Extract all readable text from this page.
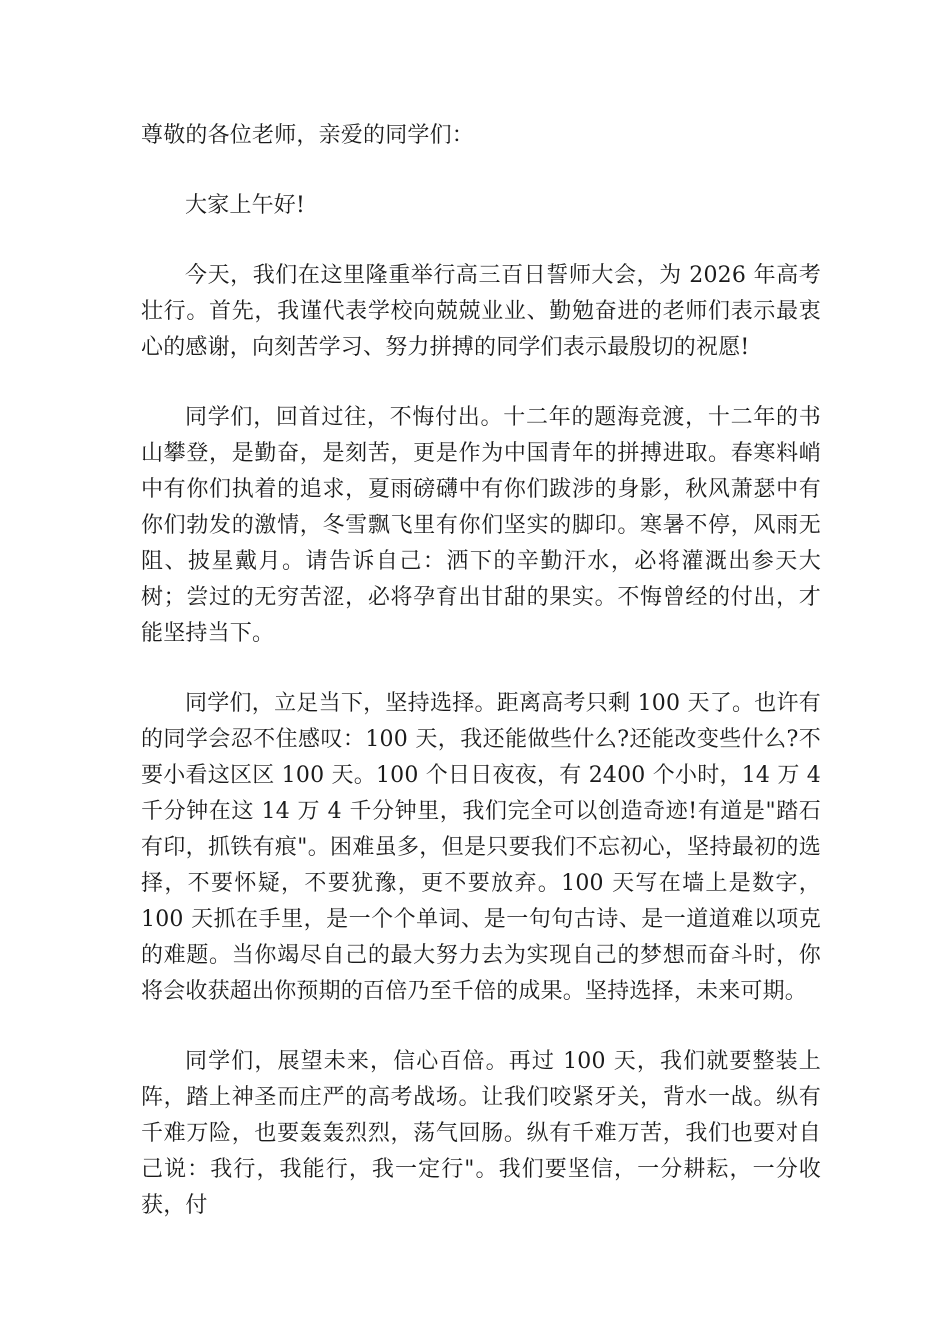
尊敬的各位老师，亲爱的同学们：

大家上午好!

今天，我们在这里隆重举行高三百日誓师大会，为 2026 年高考壮行。首先，我谨代表学校向兢兢业业、勤勉奋进的老师们表示最衷心的感谢，向刻苦学习、努力拼搏的同学们表示最殷切的祝愿!

同学们，回首过往，不悔付出。十二年的题海竞渡，十二年的书山攀登，是勤奋，是刻苦，更是作为中国青年的拼搏进取。春寒料峭中有你们执着的追求，夏雨磅礴中有你们跋涉的身影，秋风萧瑟中有你们勃发的激情，冬雪飘飞里有你们坚实的脚印。寒暑不停，风雨无阻、披星戴月。请告诉自己：洒下的辛勤汗水，必将灌溉出参天大树；尝过的无穷苦涩，必将孕育出甘甜的果实。不悔曾经的付出，才能坚持当下。

同学们，立足当下，坚持选择。距离高考只剩 100 天了。也许有的同学会忍不住感叹：100 天，我还能做些什么?还能改变些什么?不要小看这区区 100 天。100 个日日夜夜，有 2400 个小时，14 万 4 千分钟在这 14 万 4 千分钟里，我们完全可以创造奇迹!有道是"踏石有印，抓铁有痕"。困难虽多，但是只要我们不忘初心，坚持最初的选择，不要怀疑，不要犹豫，更不要放弃。100 天写在墙上是数字，100 天抓在手里，是一个个单词、是一句句古诗、是一道道难以项克的难题。当你竭尽自己的最大努力去为实现自己的梦想而奋斗时，你将会收获超出你预期的百倍乃至千倍的成果。坚持选择，未来可期。

同学们，展望未来，信心百倍。再过 100 天，我们就要整装上阵，踏上神圣而庄严的高考战场。让我们咬紧牙关，背水一战。纵有千难万险，也要轰轰烈烈，荡气回肠。纵有千难万苦，我们也要对自己说：我行，我能行，我一定行"。我们要坚信，一分耕耘，一分收获，付
